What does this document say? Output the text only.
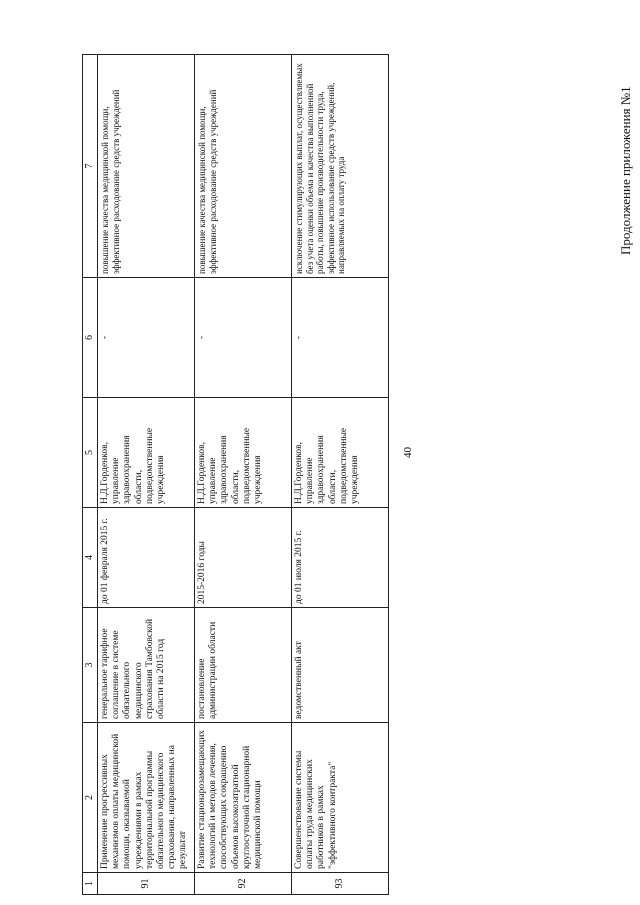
Продолжение приложения №1
40
1	2	3	4	5	6	7
91	Применение прогрессивных механизмов оплаты медицинской помощи, оказываемой учреждениями в рамках территориальной программы обязательного медицинского страхования, направленных на результат	генеральное тарифное соглашение в системе обязательного медицинского страхования Тамбовской области на 2015 год	до 01 февраля 2015 г.	Н.Д.Горденков, управление здравоохранения области, подведомственные учреждения	-	повышение качества медицинской помощи, эффективное расходование средств учреждений
92	Развитие стационарозамещающих технологий и методов лечения, способствующих сокращению объемов высокозатратной круглосуточной стационарной медицинской помощи	постановление администрации области	2015-2016 годы	Н.Д.Горденков, управление здравоохранения области, подведомственные учреждения	-	повышение качества медицинской помощи, эффективное расходование средств учреждений
93	Совершенствование системы оплаты труда медицинских работников в рамках "эффективного контракта"	ведомственный акт	до 01 июля 2015 г.	Н.Д.Горденков, управление здравоохранения области, подведомственные учреждения	-	исключение стимулирующих выплат, осуществляемых без учета оценки объема и качества выполненной работы, повышение производительности труда, эффективное использование средств учреждений, направляемых на оплату труда
